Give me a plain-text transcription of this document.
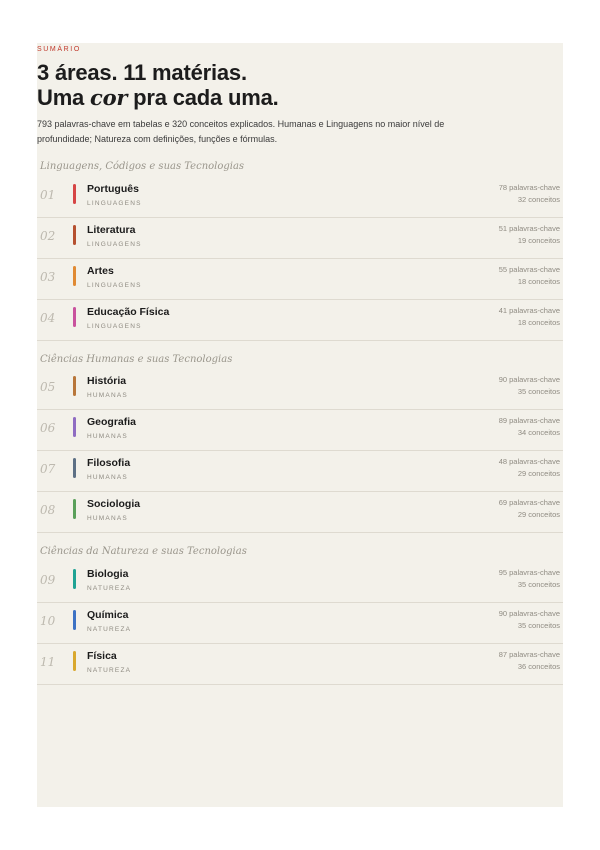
SUMÁRIO
3 áreas. 11 matérias.
Uma cor pra cada uma.

793 palavras-chave em tabelas e 320 conceitos explicados. Humanas e Linguagens no maior nível de profundidade; Natureza com definições, funções e fórmulas.

Linguagens, Códigos e suas Tecnologias
01	Português
LINGUAGENS
78 palavras-chave
32 conceitos
02	Literatura
LINGUAGENS
51 palavras-chave
19 conceitos
03	Artes
LINGUAGENS
55 palavras-chave
18 conceitos
04	Educação Física
LINGUAGENS
41 palavras-chave
18 conceitos
Ciências Humanas e suas Tecnologias
05	História
HUMANAS
90 palavras-chave
35 conceitos
06	Geografia
HUMANAS
89 palavras-chave
34 conceitos
07	Filosofia
HUMANAS
48 palavras-chave
29 conceitos
08	Sociologia
HUMANAS
69 palavras-chave
29 conceitos
Ciências da Natureza e suas Tecnologias
09	Biologia
NATUREZA
95 palavras-chave
35 conceitos
10	Química
NATUREZA
90 palavras-chave
35 conceitos
11	Física
NATUREZA
87 palavras-chave
36 conceitos
